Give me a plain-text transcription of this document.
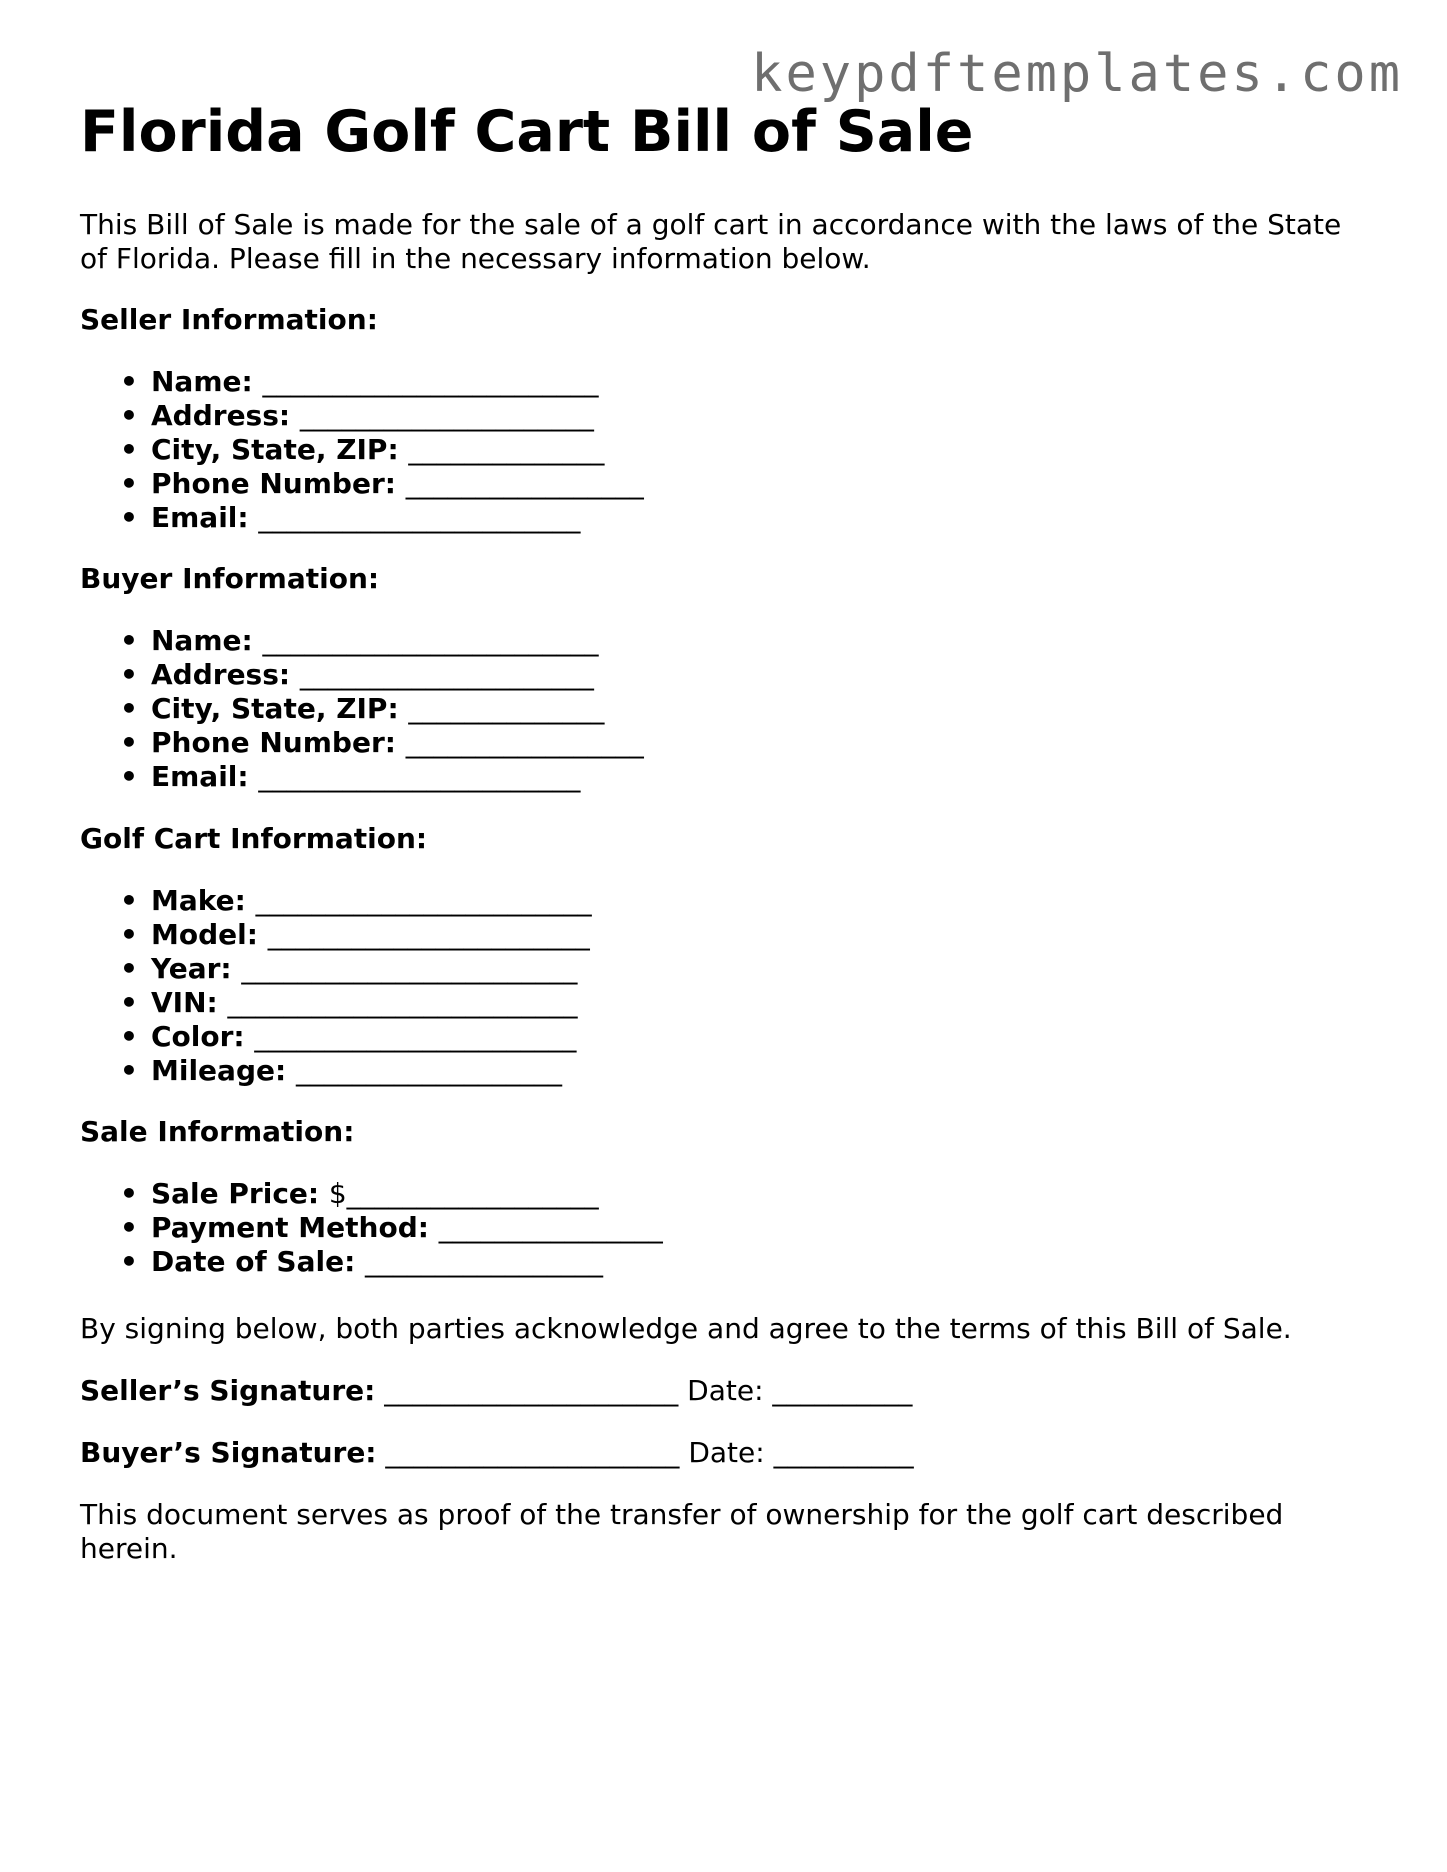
keypdftemplates.com
Florida Golf Cart Bill of Sale

This Bill of Sale is made for the sale of a golf cart in accordance with the laws of the State of Florida. Please fill in the necessary information below.

Seller Information:

• Name: ________________________
• Address: _____________________
• City, State, ZIP: ______________
• Phone Number: _________________
• Email: _______________________

Buyer Information:

• Name: ________________________
• Address: _____________________
• City, State, ZIP: ______________
• Phone Number: _________________
• Email: _______________________

Golf Cart Information:

• Make: ________________________
• Model: _______________________
• Year: ________________________
• VIN: _________________________
• Color: _______________________
• Mileage: ___________________

Sale Information:

• Sale Price: $__________________
• Payment Method: ________________
• Date of Sale: _________________

By signing below, both parties acknowledge and agree to the terms of this Bill of Sale.

Seller’s Signature: _____________________ Date: __________
Buyer’s Signature: _____________________ Date: __________

This document serves as proof of the transfer of ownership for the golf cart described herein.
